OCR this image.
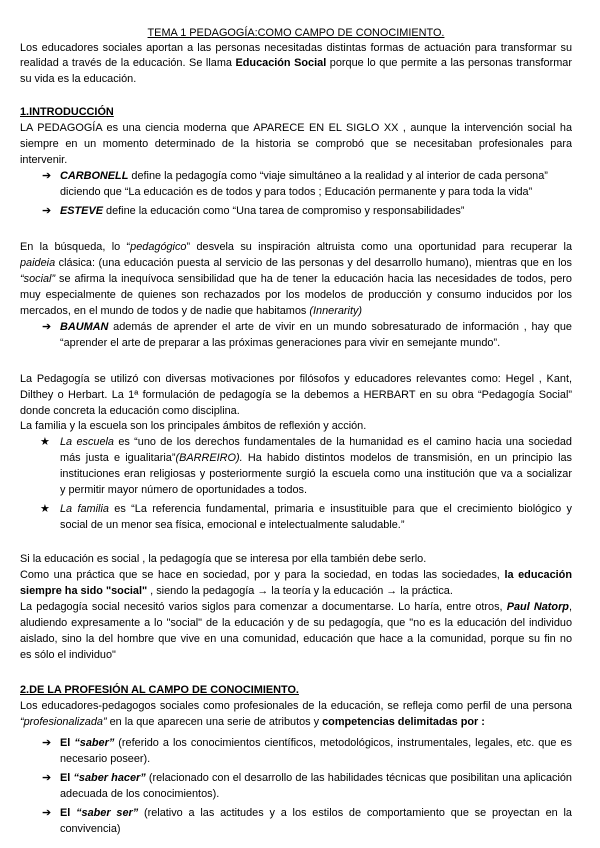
TEMA 1 PEDAGOGÍA:COMO CAMPO DE CONOCIMIENTO.
Los educadores sociales aportan a las personas necesitadas distintas formas de actuación para transformar su
realidad a través de la educación. Se llama Educación Social porque lo que permite a las personas transformar
su vida es la educación.
1.INTRODUCCIÓN
LA PEDAGOGÍA es una ciencia moderna que APARECE EN EL SIGLO XX , aunque la intervención social ha
siempre en un momento determinado de la historia se comprobó que se necesitaban profesionales para
intervenir.
➔ CARBONELL define la pedagogía como “viaje simultáneo a la realidad y al interior de cada persona”
diciendo que “La educación es de todos y para todos ; Educación permanente y para toda la vida”
➔ ESTEVE define la educación como “Una tarea de compromiso y responsabilidades”
En la búsqueda, lo “pedagógico” desvela su inspiración altruista como una oportunidad para recuperar la
paideia clásica: (una educación puesta al servicio de las personas y del desarrollo humano), mientras que en los
“social” se afirma la inequívoca sensibilidad que ha de tener la educación hacia las necesidades de todos, pero
muy especialmente de quienes son rechazados por los modelos de producción y consumo inducidos por los
mercados, en el mundo de todos y de nadie que habitamos (Innerarity)
➔ BAUMAN además de aprender el arte de vivir en un mundo sobresaturado de información , hay que
“aprender el arte de preparar a las próximas generaciones para vivir en semejante mundo”.
La Pedagogía se utilizó con diversas motivaciones por filósofos y educadores relevantes como: Hegel , Kant,
Dilthey o Herbart. La 1ª formulación de pedagogía se la debemos a HERBART en su obra “Pedagogía Social”
donde concreta la educación como disciplina.
La familia y la escuela son los principales ámbitos de reflexión y acción.
★ La escuela es “uno de los derechos fundamentales de la humanidad es el camino hacia una sociedad
más justa e igualitaria”(BARREIRO). Ha habido distintos modelos de transmisión, en un principio las
instituciones eran religiosas y posteriormente surgió la escuela como una institución que va a socializar
y permitir mayor número de oportunidades a todos.
★ La familia es “La referencia fundamental, primaria e insustituible para que el crecimiento biológico y
social de un menor sea física, emocional e intelectualmente saludable.”
Si la educación es social , la pedagogía que se interesa por ella también debe serlo.
Como una práctica que se hace en sociedad, por y para la sociedad, en todas las sociedades, la educación
siempre ha sido "social" , siendo la pedagogía → la teoría y la educación → la práctica.
La pedagogía social necesitó varios siglos para comenzar a documentarse. Lo haría, entre otros, Paul Natorp,
aludiendo expresamente a lo "social" de la educación y de su pedagogía, que "no es la educación del individuo
aislado, sino la del hombre que vive en una comunidad, educación que hace a la comunidad, porque su fin no
es sólo el individuo"
2.DE LA PROFESIÓN AL CAMPO DE CONOCIMIENTO.
Los educadores-pedagogos sociales como profesionales de la educación, se refleja como perfil de una persona
“profesionalizada” en la que aparecen una serie de atributos y competencias delimitadas por :
➔ El “saber” (referido a los conocimientos científicos, metodológicos, instrumentales, legales, etc. que es
necesario poseer).
➔ El “saber hacer” (relacionado con el desarrollo de las habilidades técnicas que posibilitan una aplicación
adecuada de los conocimientos).
➔ El “saber ser” (relativo a las actitudes y a los estilos de comportamiento que se proyectan en la
convivencia)
